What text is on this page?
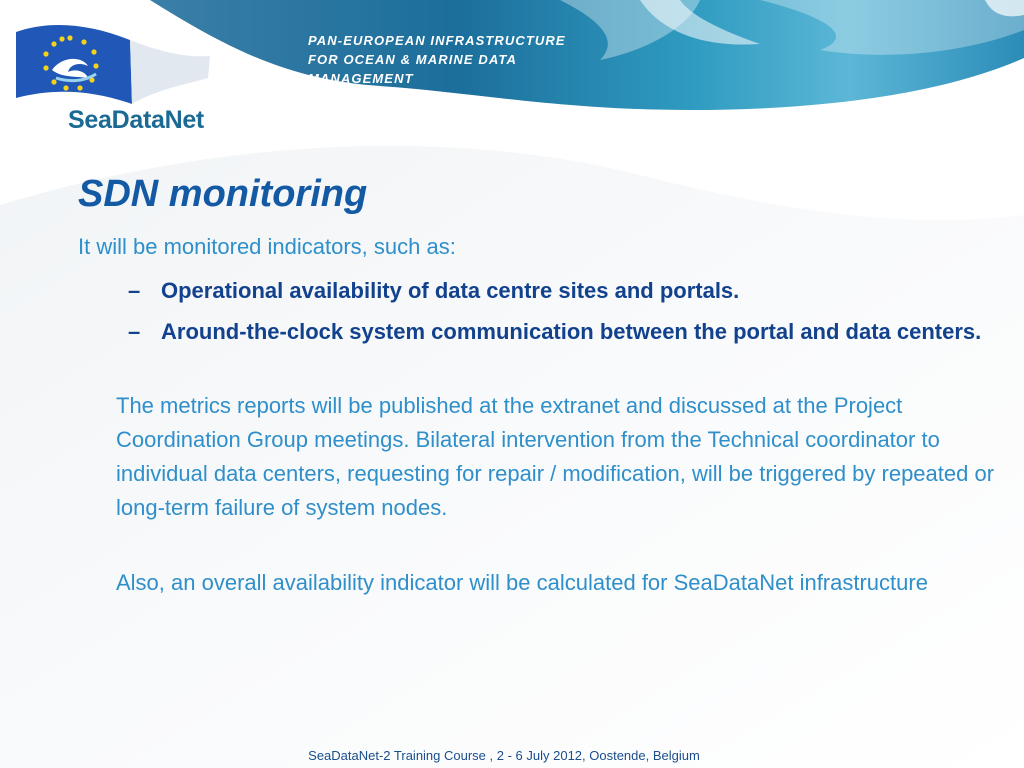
SeaDataNet
PAN-EUROPEAN INFRASTRUCTURE
FOR OCEAN & MARINE DATA
MANAGEMENT
SDN monitoring
It will be monitored indicators, such as:
– Operational availability of data centre sites and portals.
– Around-the-clock system communication between the portal and data centers.

The metrics reports will be published at the extranet and discussed at the Project Coordination Group meetings. Bilateral intervention from the Technical coordinator to individual data centers, requesting for repair / modification, will be triggered by repeated or long-term failure of system nodes.

Also, an overall availability indicator will be calculated for SeaDataNet infrastructure

SeaDataNet-2 Training Course , 2 - 6 July 2012, Oostende, Belgium
